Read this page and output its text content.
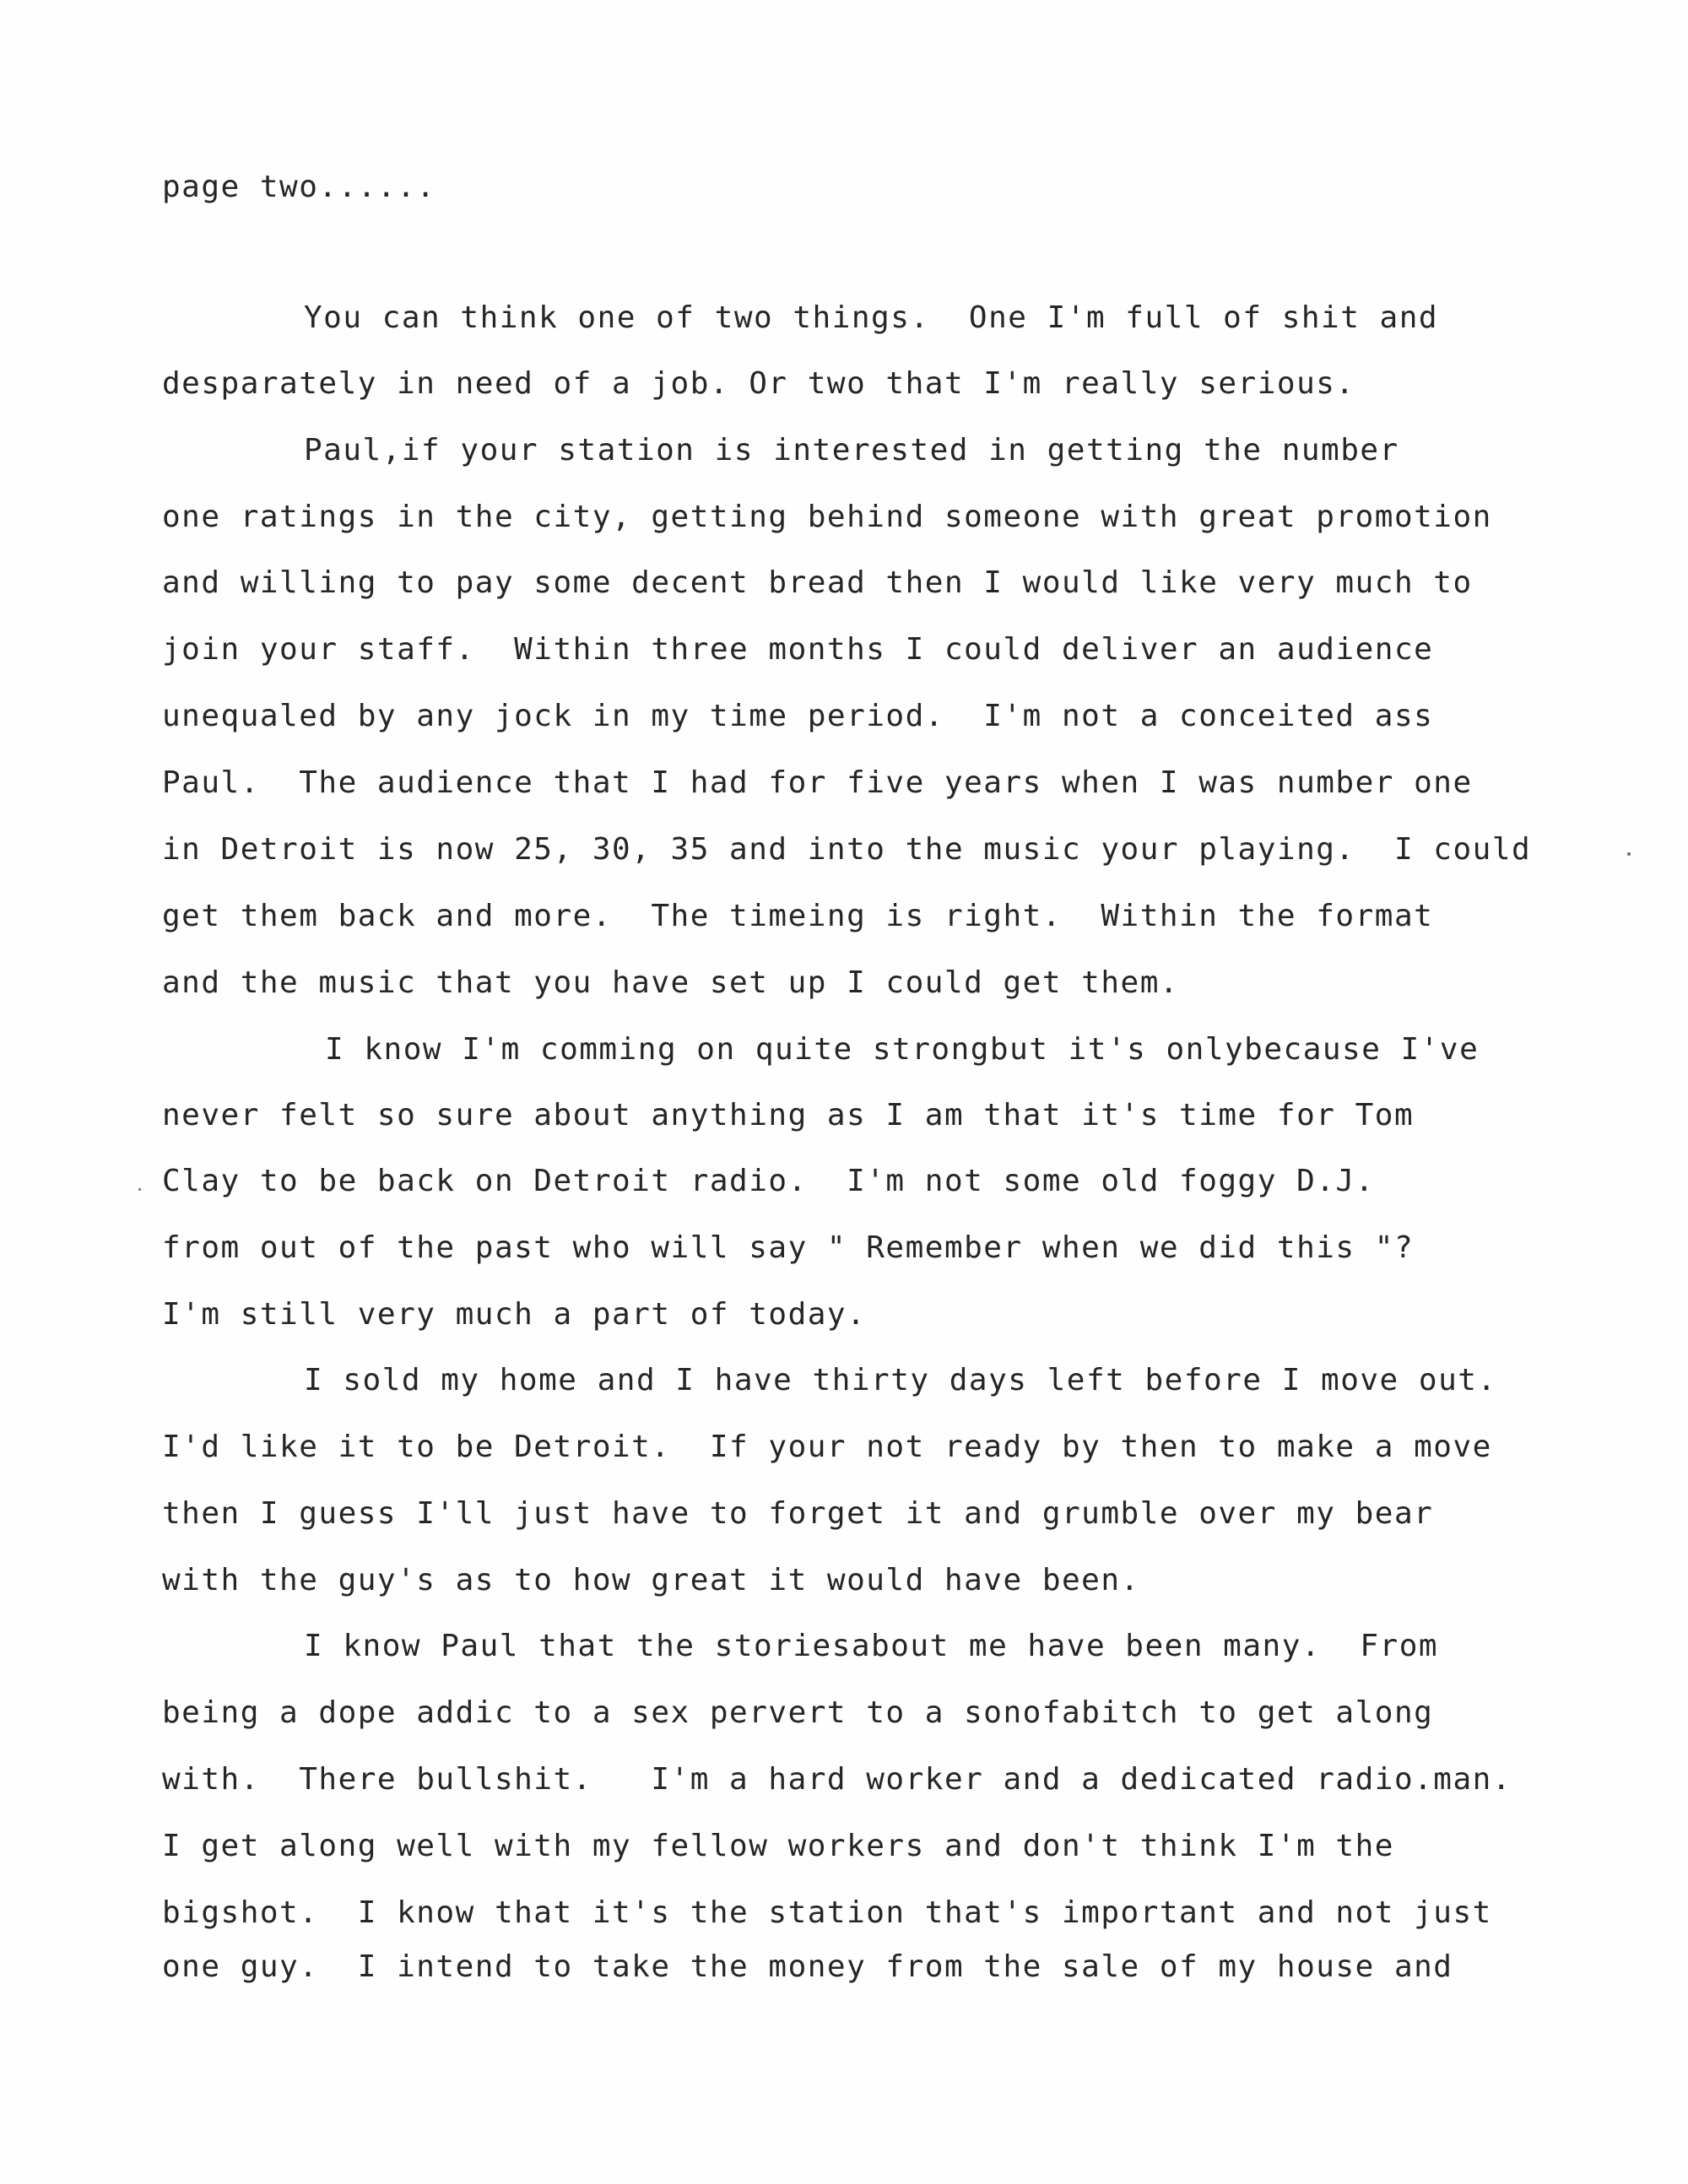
page two......
You can think one of two things.  One I'm full of shit and
desparately in need of a job. Or two that I'm really serious.
Paul,if your station is interested in getting the number
one ratings in the city, getting behind someone with great promotion
and willing to pay some decent bread then I would like very much to
join your staff.  Within three months I could deliver an audience
unequaled by any jock in my time period.  I'm not a conceited ass
Paul.  The audience that I had for five years when I was number one
in Detroit is now 25, 30, 35 and into the music your playing.  I could
get them back and more.  The timeing is right.  Within the format
and the music that you have set up I could get them.
I know I'm comming on quite strongbut it's onlybecause I've
never felt so sure about anything as I am that it's time for Tom
Clay to be back on Detroit radio.  I'm not some old foggy D.J.
from out of the past who will say " Remember when we did this "?
I'm still very much a part of today.
I sold my home and I have thirty days left before I move out.
I'd like it to be Detroit.  If your not ready by then to make a move
then I guess I'll just have to forget it and grumble over my bear
with the guy's as to how great it would have been.
I know Paul that the storiesabout me have been many.  From
being a dope addic to a sex pervert to a sonofabitch to get along
with.  There bullshit.   I'm a hard worker and a dedicated radio.man.
I get along well with my fellow workers and don't think I'm the
bigshot.  I know that it's the station that's important and not just
one guy.  I intend to take the money from the sale of my house and
